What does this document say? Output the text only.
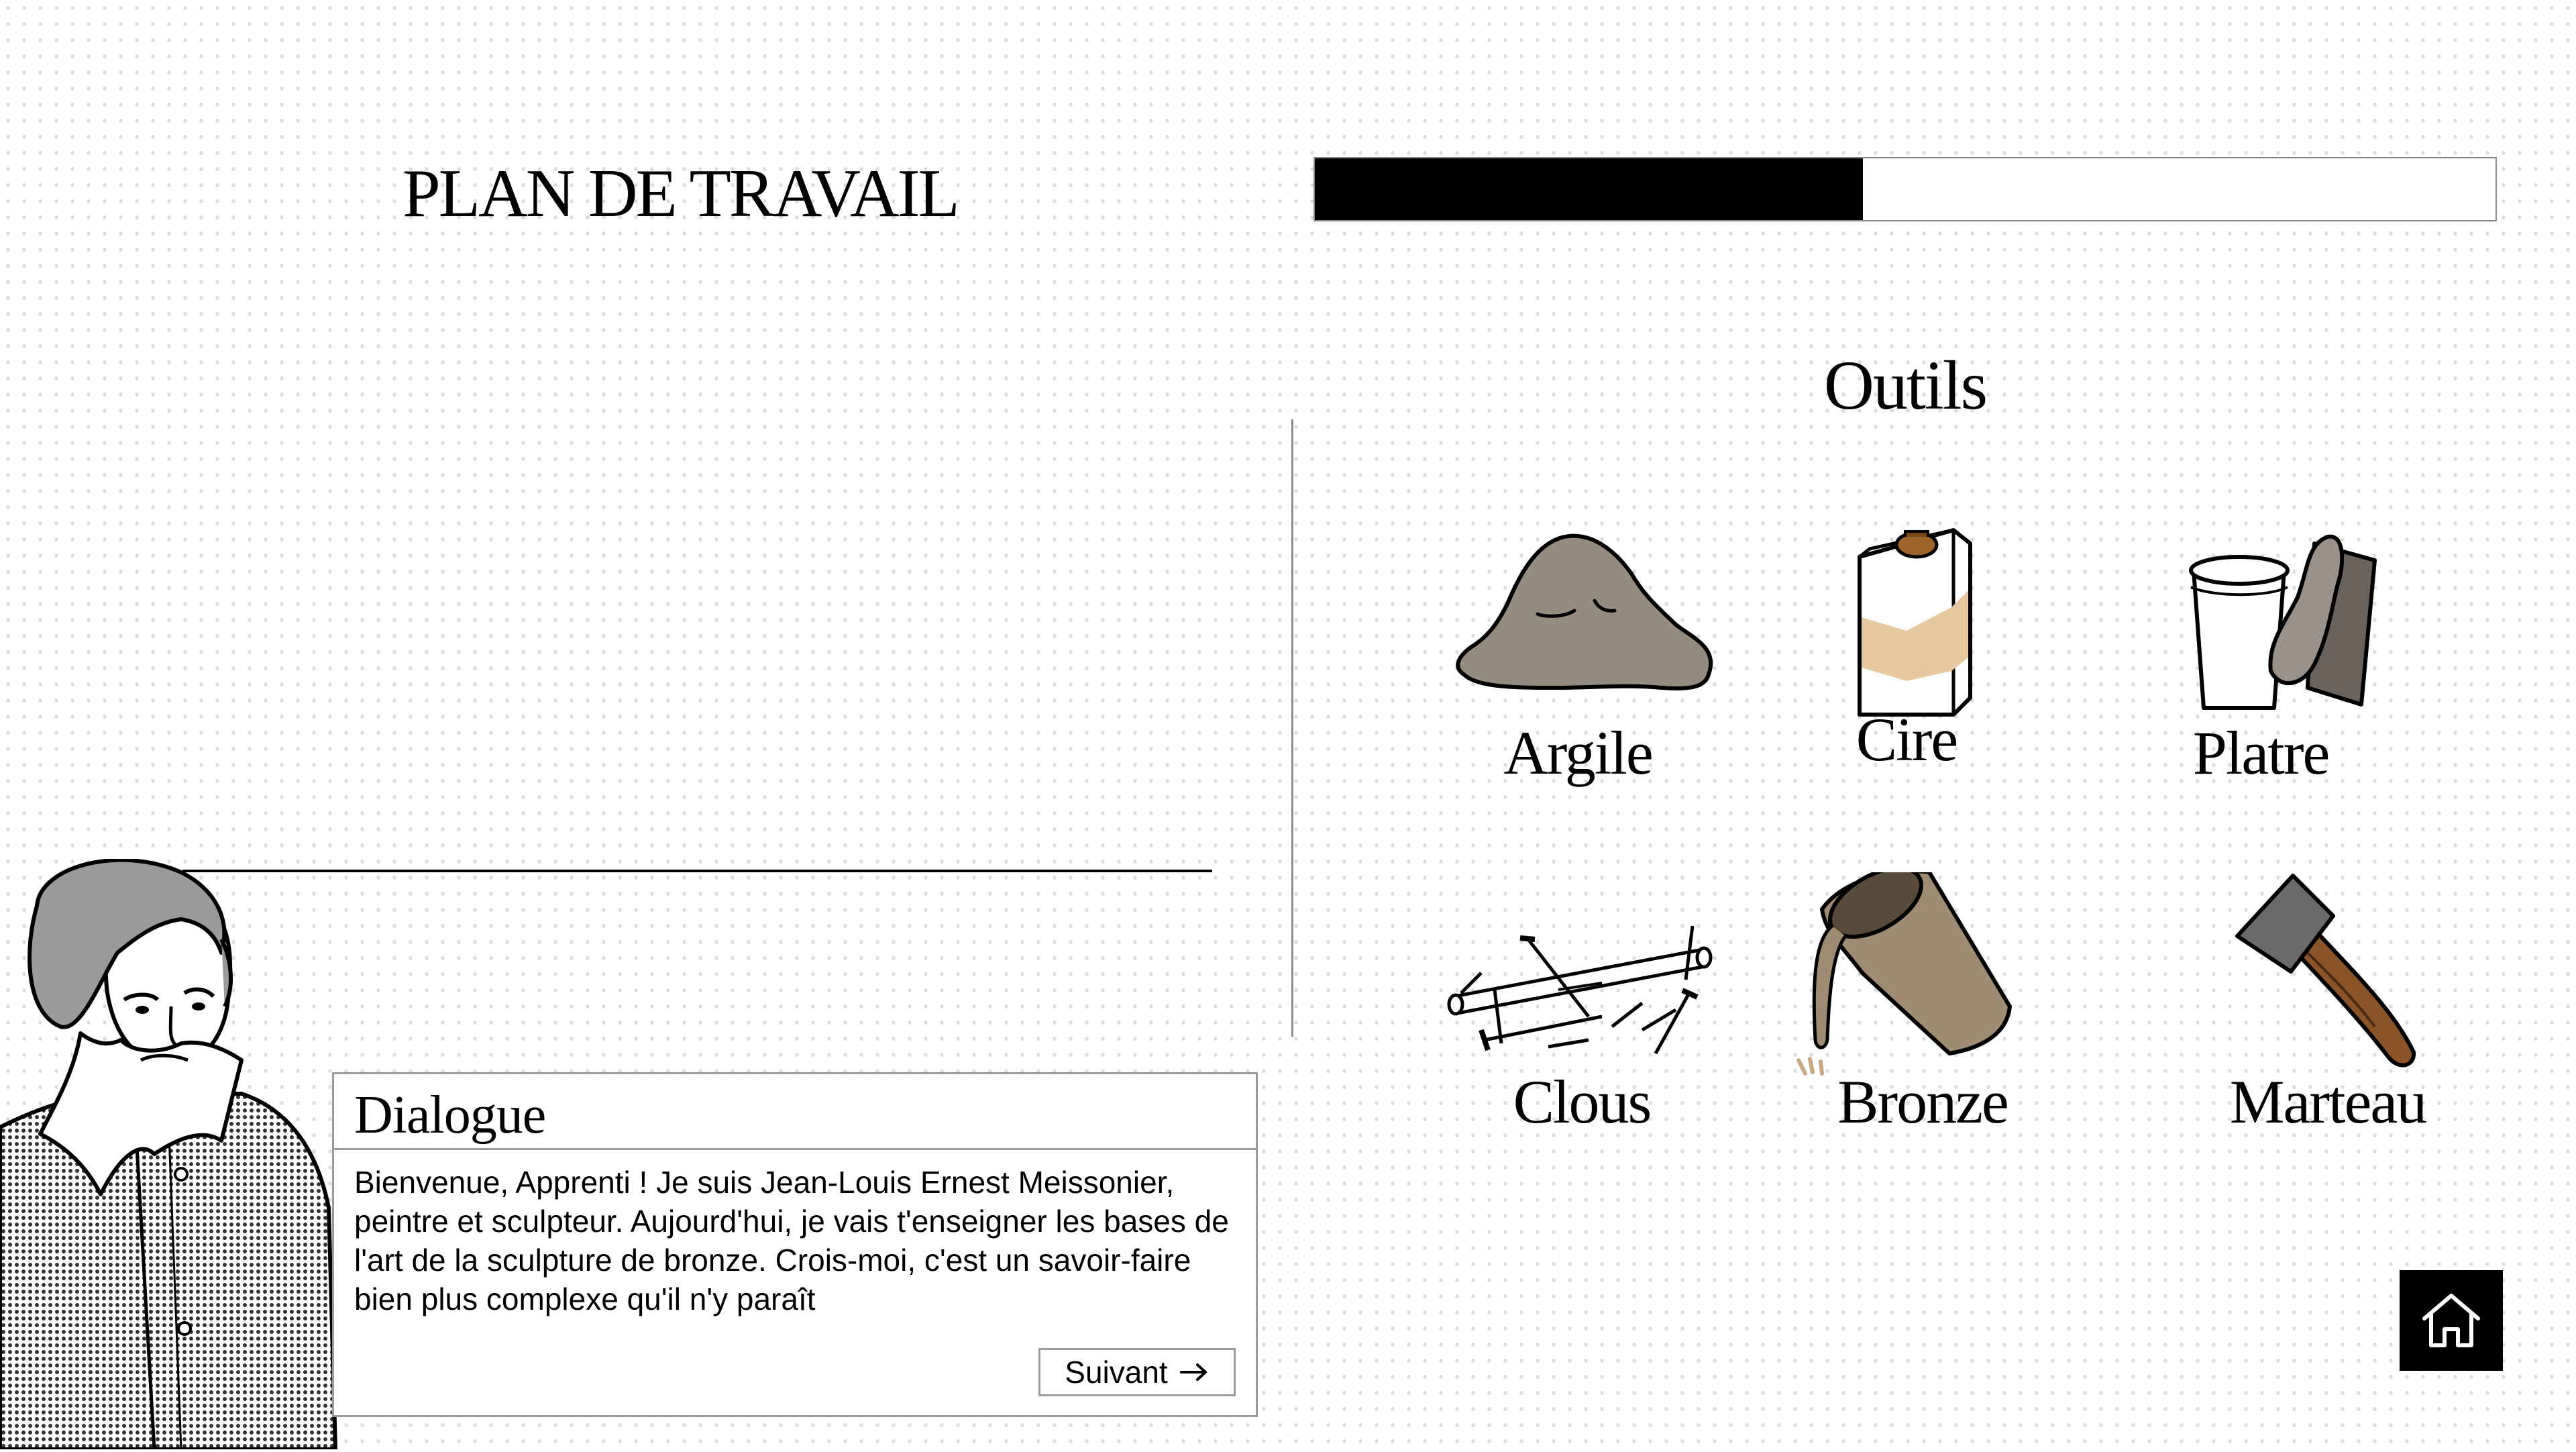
PLAN DE TRAVAIL
Outils
Argile	Cire	Platre
Clous	Bronze	Marteau
Dialogue

Bienvenue, Apprenti ! Je suis Jean-Louis Ernest Meissonier, peintre et sculpteur. Aujourd'hui, je vais t'enseigner les bases de l'art de la sculpture de bronze. Crois-moi, c'est un savoir-faire bien plus complexe qu'il n'y paraît

Suivant
